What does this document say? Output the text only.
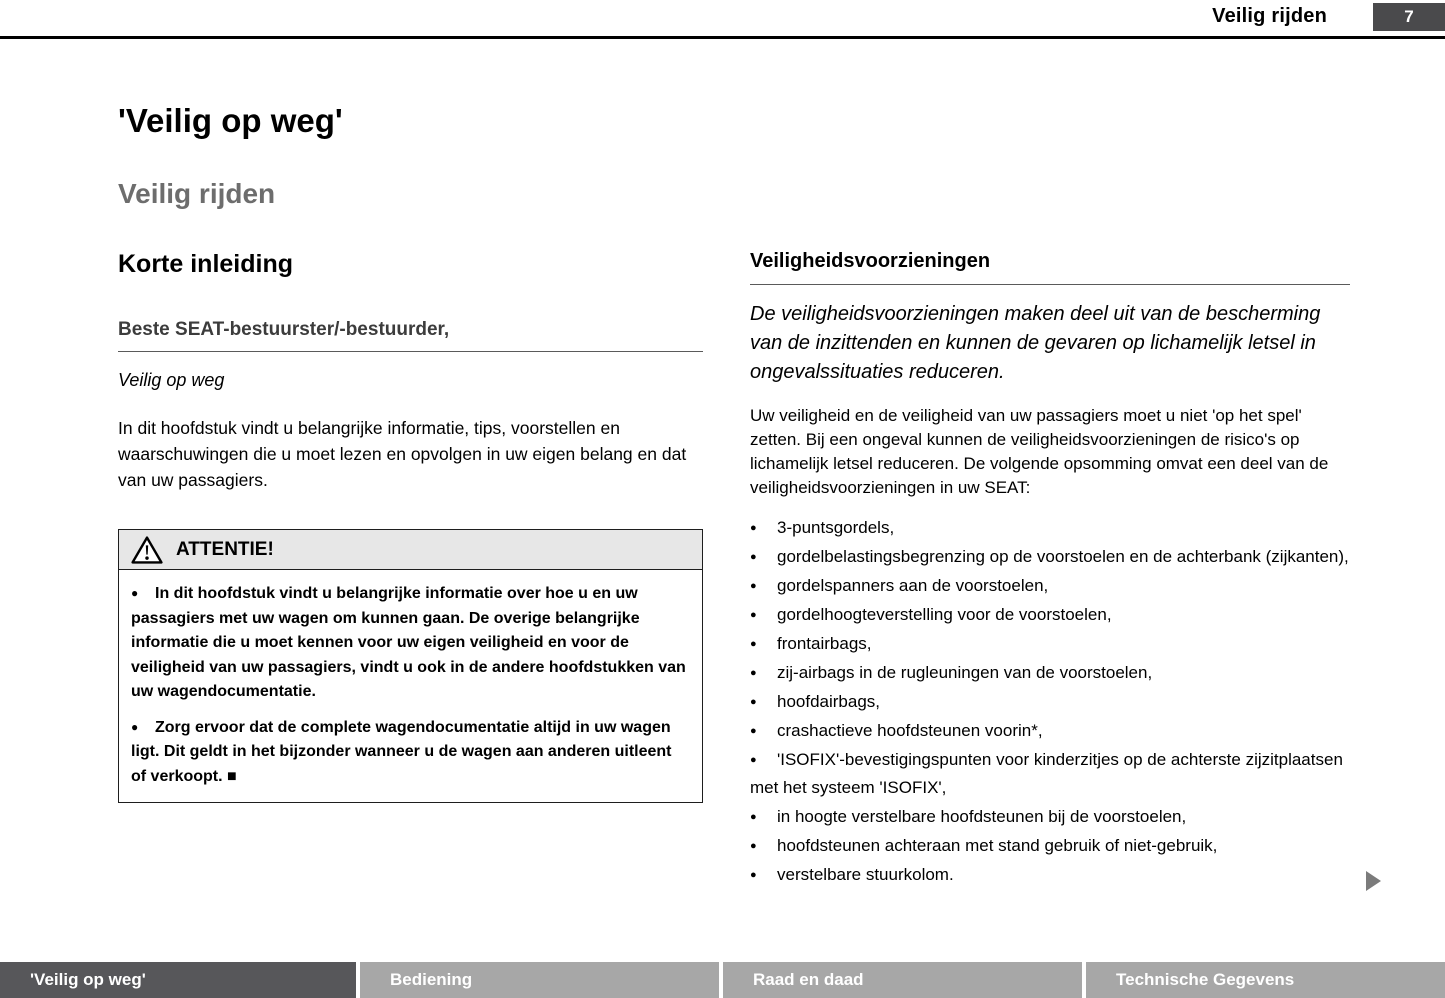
Veilig rijden	7
'Veilig op weg'
Veilig rijden
Korte inleiding
Beste SEAT-bestuurster/-bestuurder,
Veilig op weg

In dit hoofdstuk vindt u belangrijke informatie, tips, voorstellen en waarschuwingen die u moet lezen en opvolgen in uw eigen belang en dat van uw passagiers.

ATTENTIE!
● In dit hoofdstuk vindt u belangrijke informatie over hoe u en uw passagiers met uw wagen om kunnen gaan. De overige belangrijke informatie die u moet kennen voor uw eigen veiligheid en voor de veiligheid van uw passagiers, vindt u ook in de andere hoofdstukken van uw wagendocumentatie.
● Zorg ervoor dat de complete wagendocumentatie altijd in uw wagen ligt. Dit geldt in het bijzonder wanneer u de wagen aan anderen uitleent of verkoopt. ■
Veiligheidsvoorzieningen
De veiligheidsvoorzieningen maken deel uit van de bescherming van de inzittenden en kunnen de gevaren op lichamelijk letsel in ongevalssituaties reduceren.

Uw veiligheid en de veiligheid van uw passagiers moet u niet 'op het spel' zetten. Bij een ongeval kunnen de veiligheidsvoorzieningen de risico's op lichamelijk letsel reduceren. De volgende opsomming omvat een deel van de veiligheidsvoorzieningen in uw SEAT:

● 3-puntsgordels,
● gordelbelastingsbegrenzing op de voorstoelen en de achterbank (zijkanten),
● gordelspanners aan de voorstoelen,
● gordelhoogteverstelling voor de voorstoelen,
● frontairbags,
● zij-airbags in de rugleuningen van de voorstoelen,
● hoofdairbags,
● crashactieve hoofdsteunen voorin*,
● 'ISOFIX'-bevestigingspunten voor kinderzitjes op de achterste zijzitplaatsen met het systeem 'ISOFIX',
● in hoogte verstelbare hoofdsteunen bij de voorstoelen,
● hoofdsteunen achteraan met stand gebruik of niet-gebruik,
● verstelbare stuurkolom.
'Veilig op weg'	Bediening	Raad en daad	Technische Gegevens
